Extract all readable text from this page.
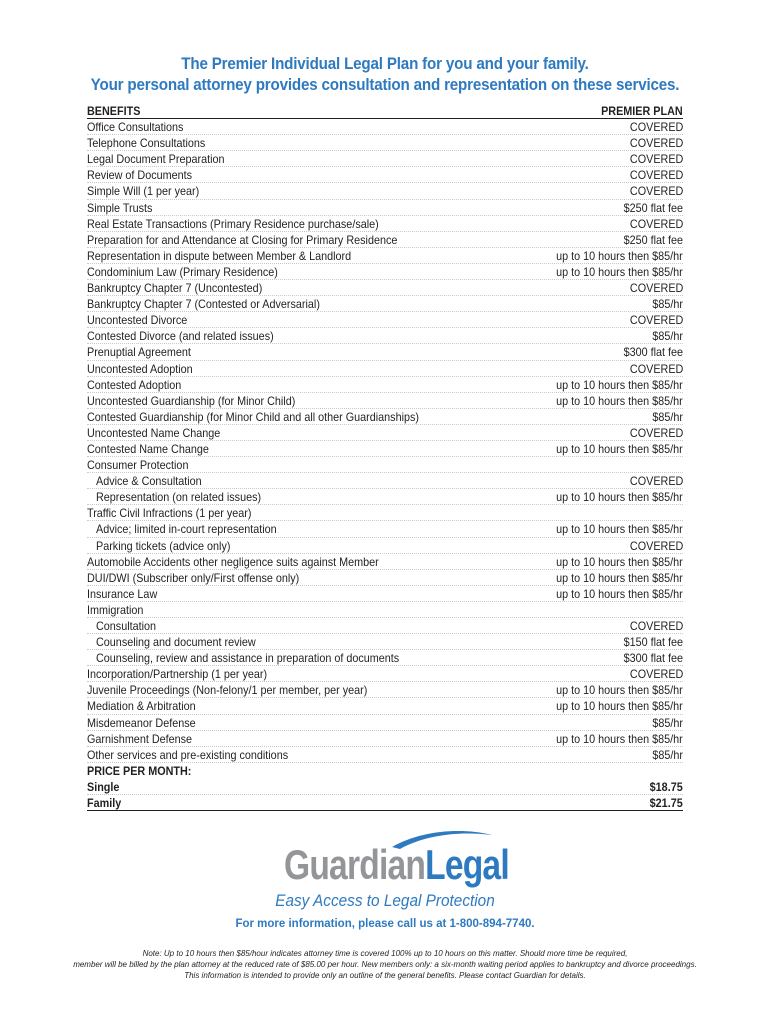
The Premier Individual Legal Plan for you and your family.
Your personal attorney provides consultation and representation on these services.
BENEFITS	PREMIER PLAN
Office Consultations	COVERED
Telephone Consultations	COVERED
Legal Document Preparation	COVERED
Review of Documents	COVERED
Simple Will (1 per year)	COVERED
Simple Trusts	$250 flat fee
Real Estate Transactions (Primary Residence purchase/sale)	COVERED
Preparation for and Attendance at Closing for Primary Residence	$250 flat fee
Representation in dispute between Member & Landlord	up to 10 hours then $85/hr
Condominium Law (Primary Residence)	up to 10 hours then $85/hr
Bankruptcy Chapter 7 (Uncontested)	COVERED
Bankruptcy Chapter 7 (Contested or Adversarial)	$85/hr
Uncontested Divorce	COVERED
Contested Divorce (and related issues)	$85/hr
Prenuptial Agreement	$300 flat fee
Uncontested Adoption	COVERED
Contested Adoption	up to 10 hours then $85/hr
Uncontested Guardianship (for Minor Child)	up to 10 hours then $85/hr
Contested Guardianship (for Minor Child and all other Guardianships)	$85/hr
Uncontested Name Change	COVERED
Contested Name Change	up to 10 hours then $85/hr
Consumer Protection
Advice & Consultation	COVERED
Representation (on related issues)	up to 10 hours then $85/hr
Traffic Civil Infractions (1 per year)
Advice; limited in-court representation	up to 10 hours then $85/hr
Parking tickets (advice only)	COVERED
Automobile Accidents other negligence suits against Member	up to 10 hours then $85/hr
DUI/DWI (Subscriber only/First offense only)	up to 10 hours then $85/hr
Insurance Law	up to 10 hours then $85/hr
Immigration
Consultation	COVERED
Counseling and document review	$150 flat fee
Counseling, review and assistance in preparation of documents	$300 flat fee
Incorporation/Partnership (1 per year)	COVERED
Juvenile Proceedings (Non-felony/1 per member, per year)	up to 10 hours then $85/hr
Mediation & Arbitration	up to 10 hours then $85/hr
Misdemeanor Defense	$85/hr
Garnishment Defense	up to 10 hours then $85/hr
Other services and pre-existing conditions	$85/hr
PRICE PER MONTH:
Single	$18.75
Family	$21.75
GuardianLegal
Easy Access to Legal Protection
For more information, please call us at 1-800-894-7740.
Note: Up to 10 hours then $85/hour indicates attorney time is covered 100% up to 10 hours on this matter. Should more time be required,
member will be billed by the plan attorney at the reduced rate of $85.00 per hour. New members only: a six-month waiting period applies to bankruptcy and divorce proceedings.
This information is intended to provide only an outline of the general benefits. Please contact Guardian for details.
